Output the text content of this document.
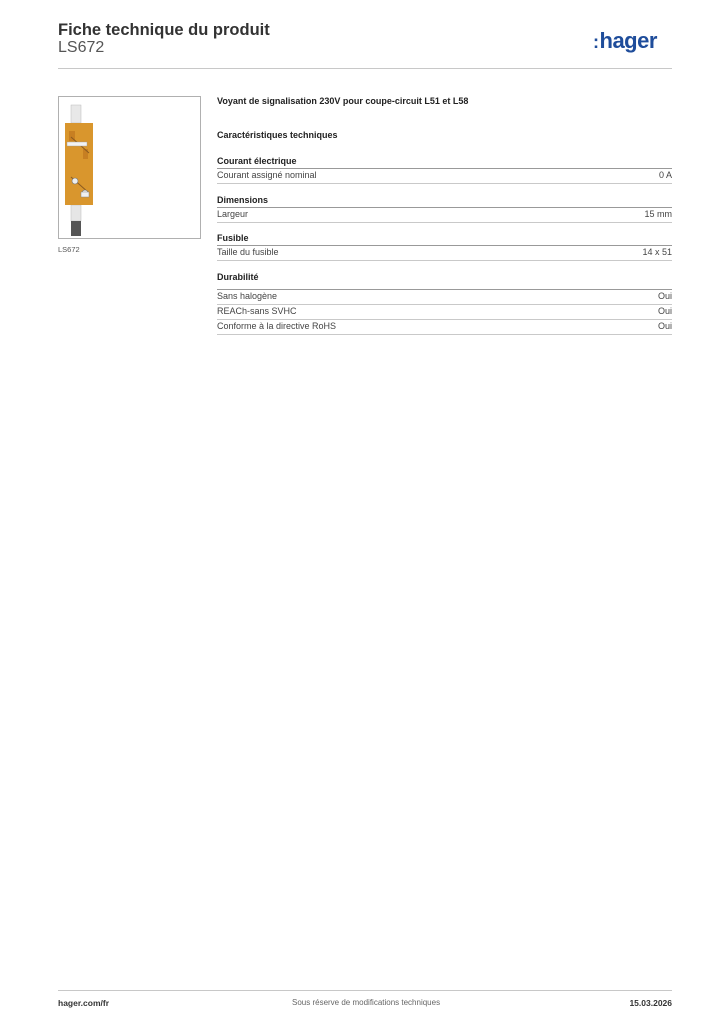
Fiche technique du produit
LS672	:hager
LS672
Voyant de signalisation 230V pour coupe-circuit L51 et L58
Caractéristiques techniques
Courant électrique
Courant assigné nominal	0 A
Dimensions
Largeur	15 mm
Fusible
Taille du fusible	14 x 51
Durabilité
Sans halogène	Oui
REACh-sans SVHC	Oui
Conforme à la directive RoHS	Oui
hager.com/fr	Sous réserve de modifications techniques	15.03.2026
